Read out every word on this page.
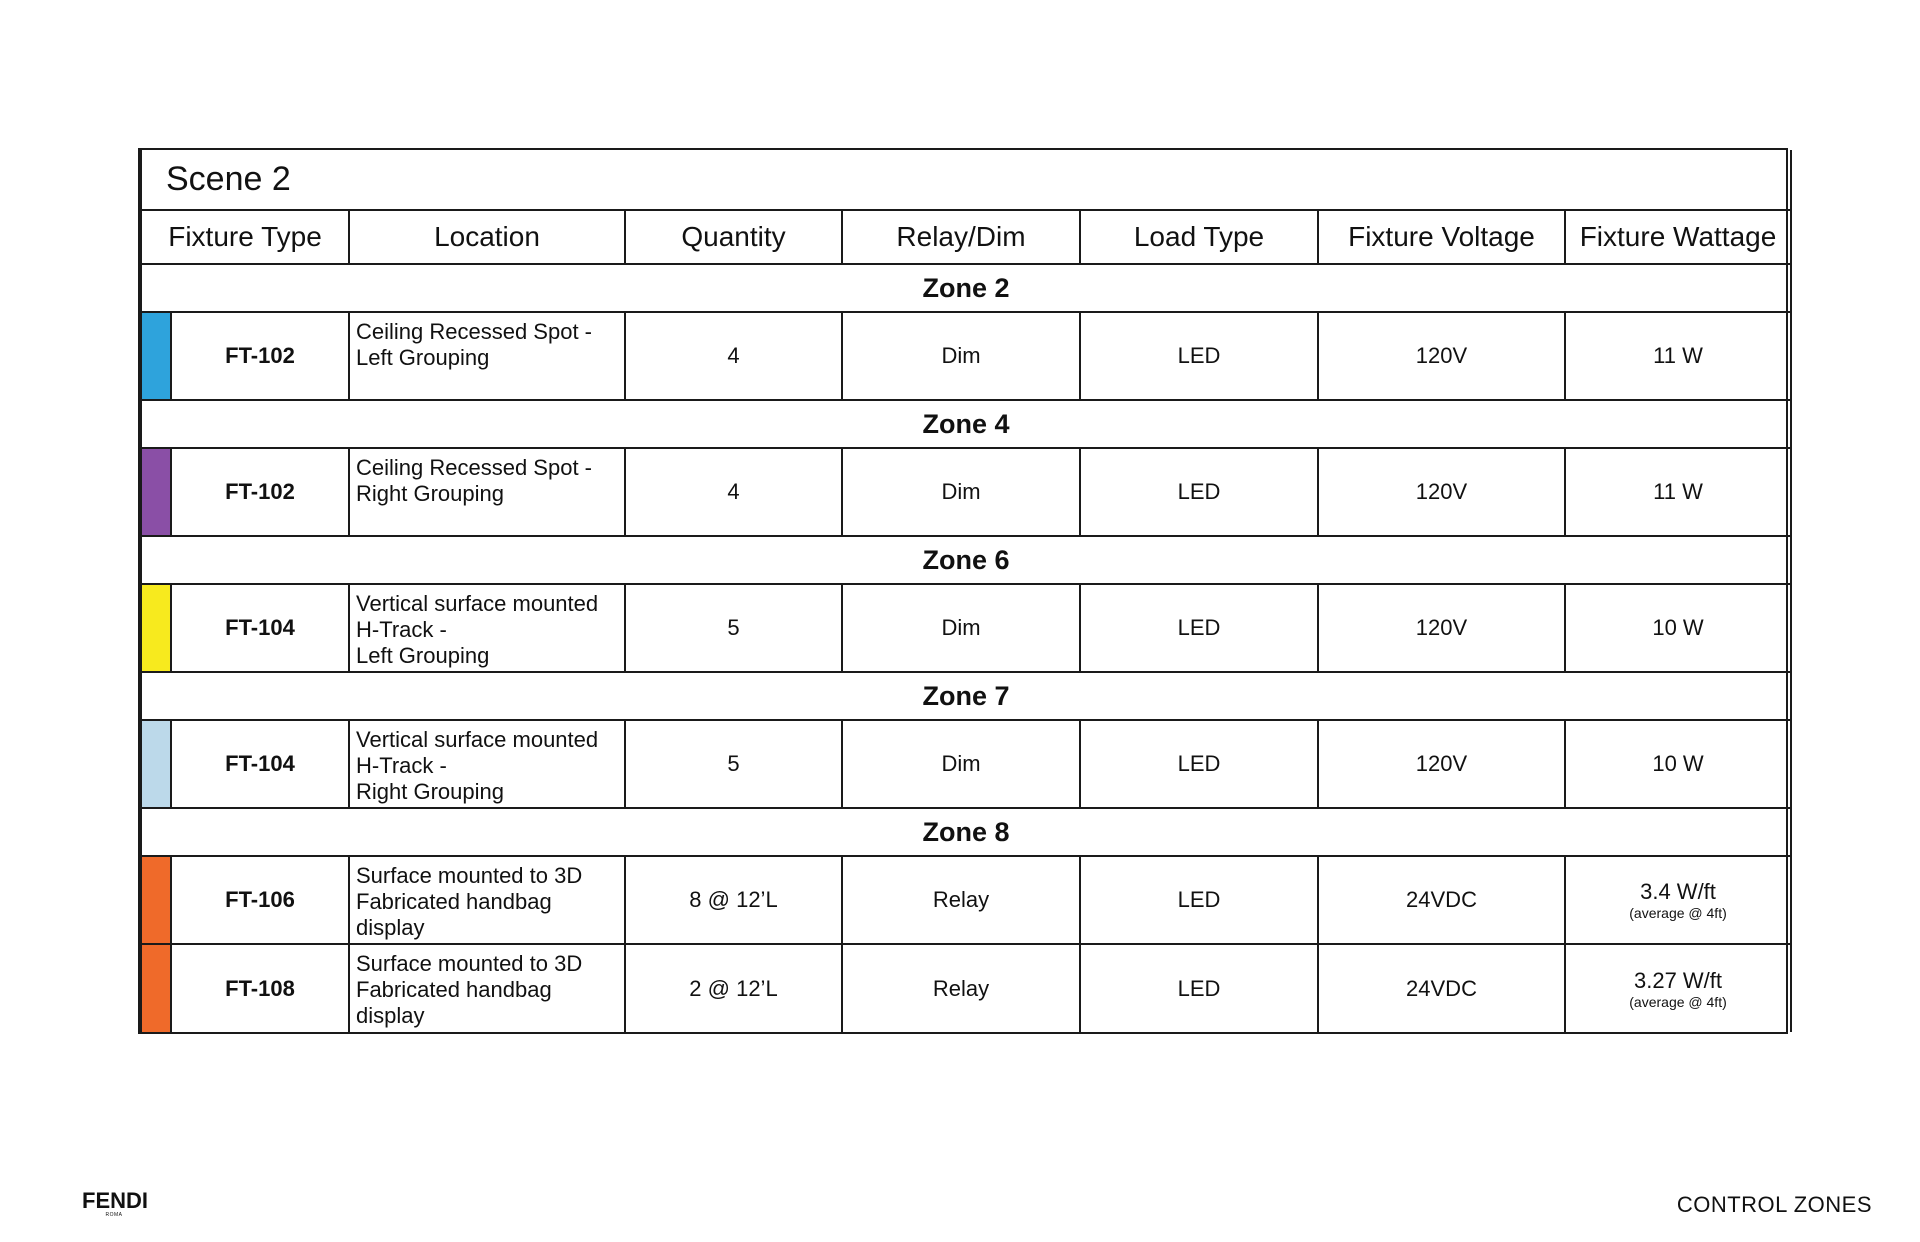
Scene 2							
Fixture Type		Location	Quantity	Relay/Dim	Load Type	Fixture Voltage	Fixture Wattage
Zone 2							
	FT-102	Ceiling Recessed Spot -
Left Grouping	4	Dim	LED	120V	11 W

Zone 4							
	FT-102	Ceiling Recessed Spot -
Right Grouping	4	Dim	LED	120V	11 W

Zone 6							
	FT-104	Vertical surface mounted
H-Track -
Left Grouping	5	Dim	LED	120V	10 W

Zone 7							
	FT-104	Vertical surface mounted
H-Track -
Right Grouping	5	Dim	LED	120V	10 W

Zone 8							
	FT-106	Surface mounted to 3D
Fabricated handbag
display	8 @ 12’L	Relay	LED	24VDC	3.4 W/ft
(average @ 4ft)

	FT-108	Surface mounted to 3D
Fabricated handbag
display	2 @ 12’L	Relay	LED	24VDC	3.27 W/ft
(average @ 4ft)
FENDI
ROMA	CONTROL ZONES
